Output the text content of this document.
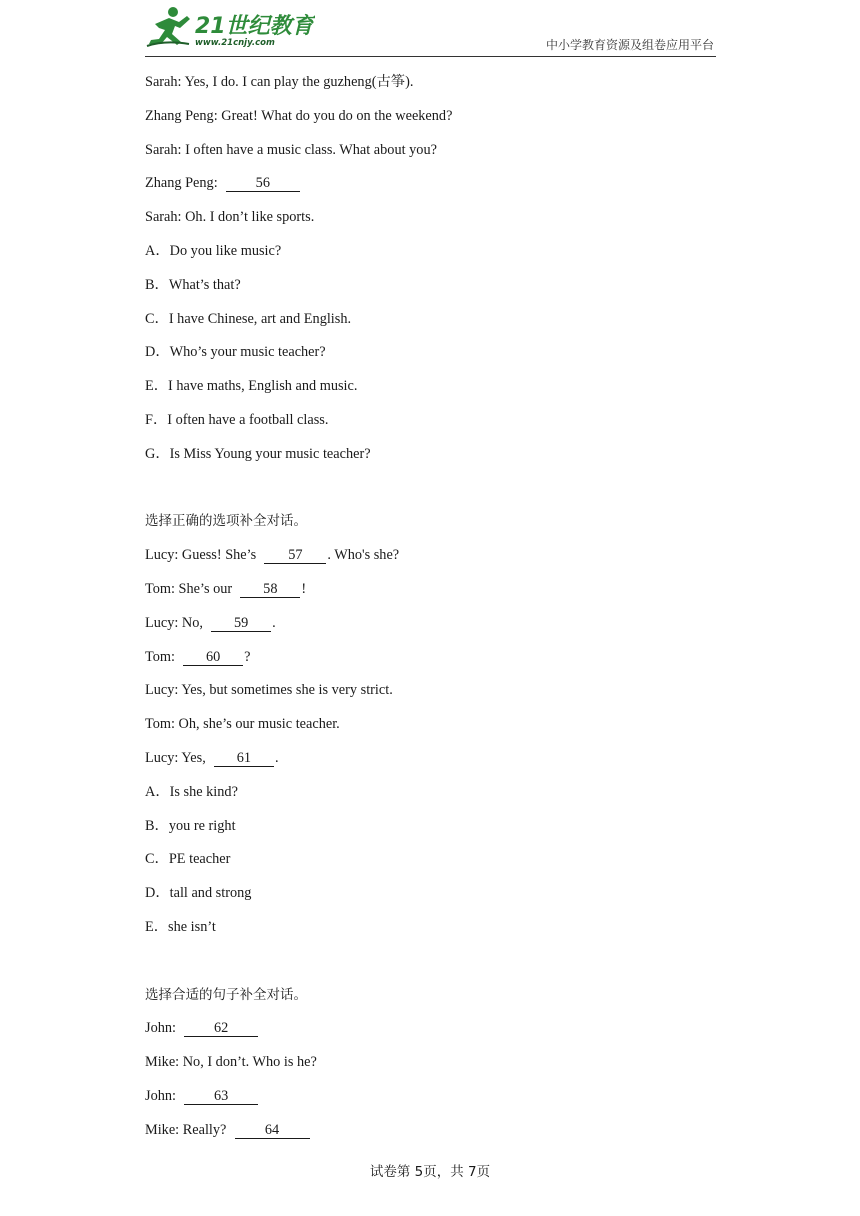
21世纪教育
www.21cnjy.com	中小学教育资源及组卷应用平台
Sarah: Yes, I do. I can play the guzheng(古筝).
Zhang Peng: Great! What do you do on the weekend?
Sarah: I often have a music class. What about you?
Zhang Peng:	56
Sarah: Oh. I don’t like sports.
A．Do you like music?
B．What’s that?
C．I have Chinese, art and English.
D．Who’s your music teacher?
E．I have maths, English and music.
F．I often have a football class.
G．Is Miss Young your music teacher?
选择正确的选项补全对话。
Lucy: Guess! She’s 57 . Who's she?
Tom: She’s our 58 !
Lucy: No, 59 .
Tom: 60 ?
Lucy: Yes, but sometimes she is very strict.
Tom: Oh, she’s our music teacher.
Lucy: Yes, 61 .
A．Is she kind?
B．you re right
C．PE teacher
D．tall and strong
E．she isn’t
选择合适的句子补全对话。
John:	62
Mike: No, I don’t. Who is he?
John:	63
Mike: Really?	64
试卷第 5页，共 7页
